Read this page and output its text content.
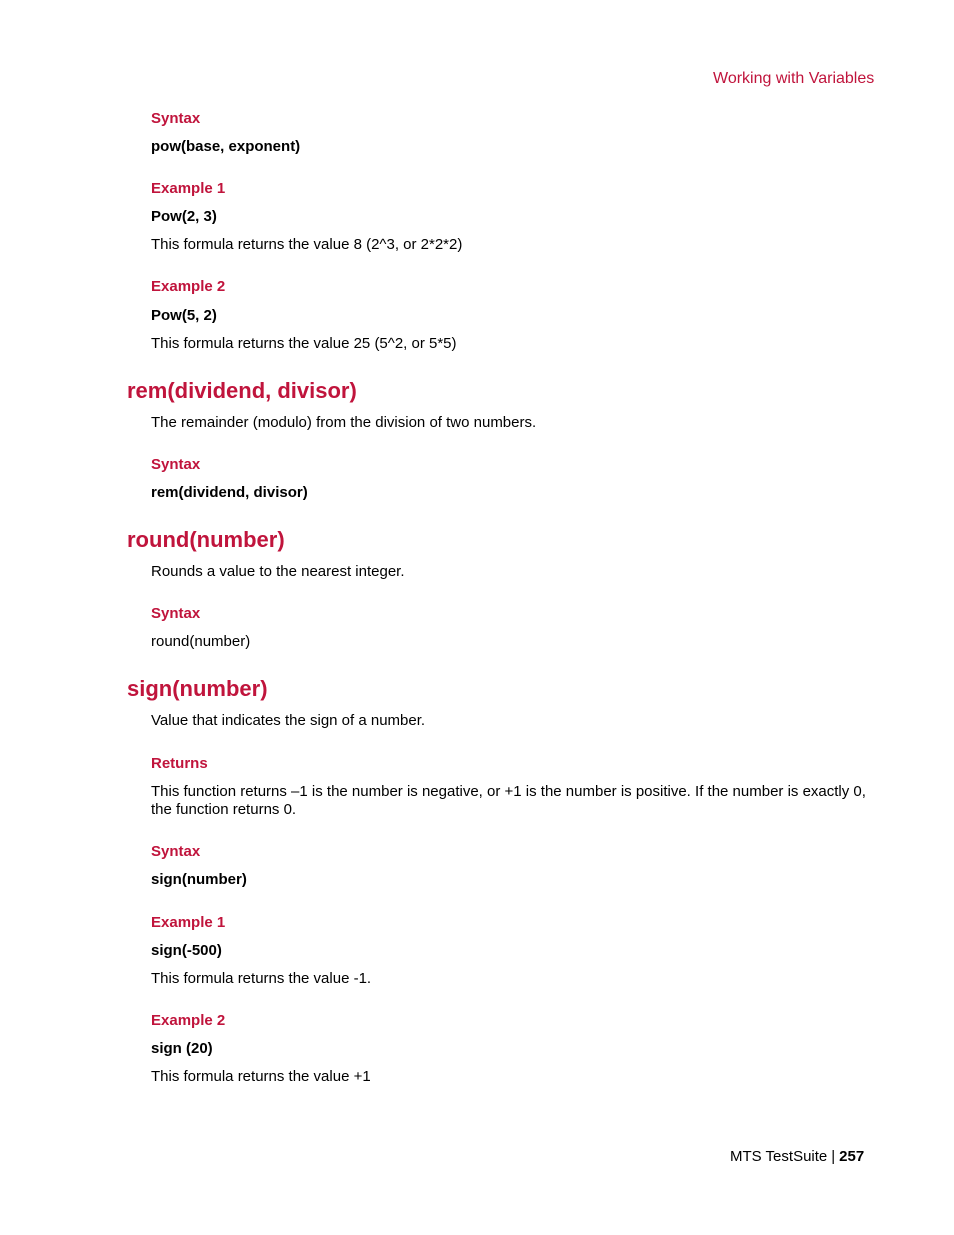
Working with Variables
Syntax
pow(base, exponent)
Example 1
Pow(2, 3)
This formula returns the value 8 (2^3, or 2*2*2)
Example 2
Pow(5, 2)
This formula returns the value 25 (5^2, or 5*5)
rem(dividend, divisor)
The remainder (modulo) from the division of two numbers.
Syntax
rem(dividend, divisor)
round(number)
Rounds a value to the nearest integer.
Syntax
round(number)
sign(number)
Value that indicates the sign of a number.
Returns
This function returns –1 is the number is negative, or +1 is the number is positive. If the number is exactly 0, the function returns 0.
Syntax
sign(number)
Example 1
sign(-500)
This formula returns the value -1.
Example 2
sign (20)
This formula returns the value +1
MTS TestSuite | 257
